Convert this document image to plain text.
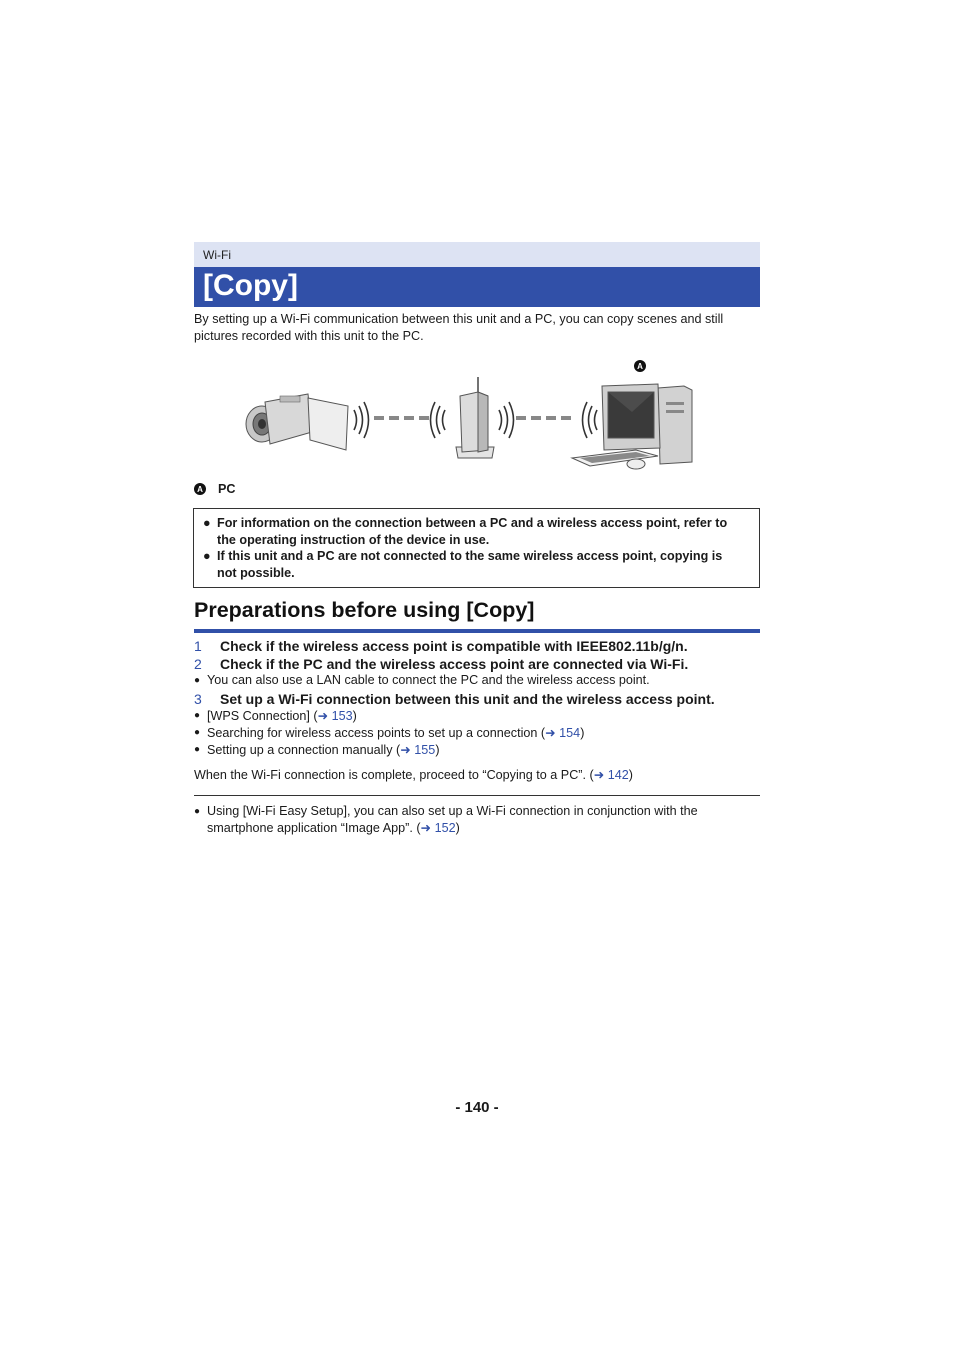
Wi-Fi
[Copy]
By setting up a Wi-Fi communication between this unit and a PC, you can copy scenes and still pictures recorded with this unit to the PC.
A
A PC
● For information on the connection between a PC and a wireless access point, refer to the operating instruction of the device in use.
● If this unit and a PC are not connected to the same wireless access point, copying is not possible.
Preparations before using [Copy]
1	Check if the wireless access point is compatible with IEEE802.11b/g/n.
2	Check if the PC and the wireless access point are connected via Wi-Fi.
● You can also use a LAN cable to connect the PC and the wireless access point.
3	Set up a Wi-Fi connection between this unit and the wireless access point.
● [WPS Connection] (➜ 153)
● Searching for wireless access points to set up a connection (➜ 154)
● Setting up a connection manually (➜ 155)
When the Wi-Fi connection is complete, proceed to “Copying to a PC”. (➜ 142)
● Using [Wi-Fi Easy Setup], you can also set up a Wi-Fi connection in conjunction with the smartphone application “Image App”. (➜ 152)
- 140 -
